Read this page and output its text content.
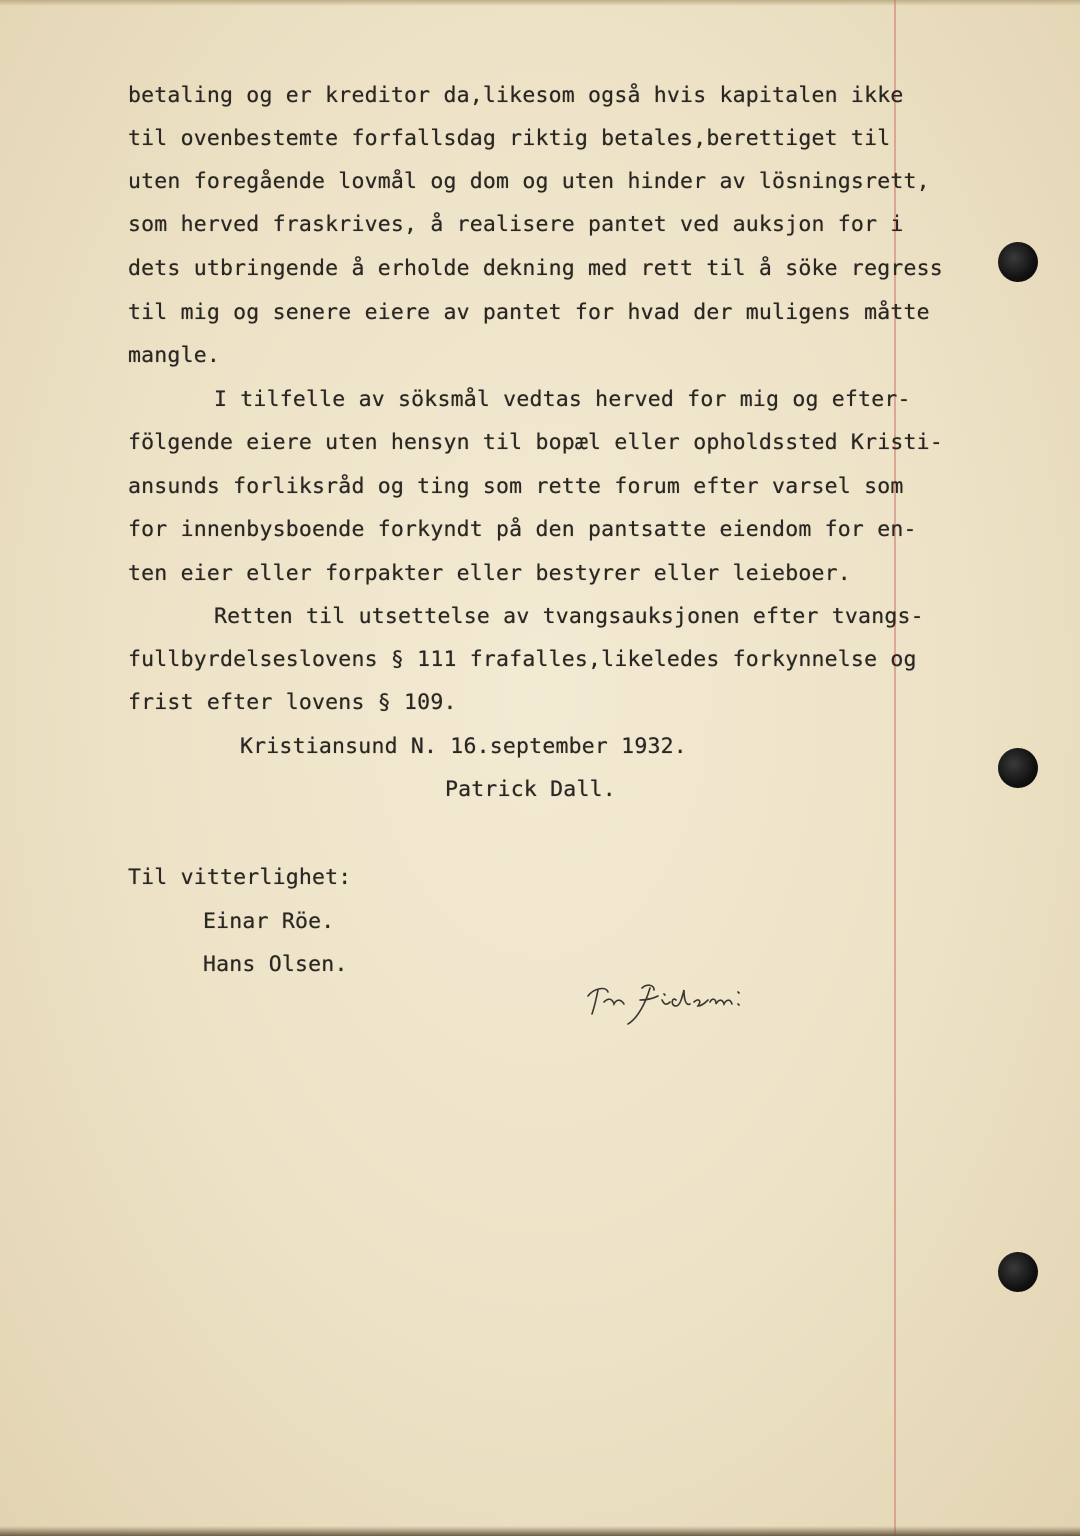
betaling og er kreditor da,likesom også hvis kapitalen ikke
til ovenbestemte forfallsdag riktig betales,berettiget til
uten foregående lovmål og dom og uten hinder av lösningsrett,
som herved fraskrives, å realisere pantet ved auksjon for i
dets utbringende å erholde dekning med rett til å söke regress
til mig og senere eiere av pantet for hvad der muligens måtte
mangle.
I tilfelle av söksmål vedtas herved for mig og efter-
fölgende eiere uten hensyn til bopæl eller opholdssted Kristi-
ansunds forliksråd og ting som rette forum efter varsel som
for innenbysboende forkyndt på den pantsatte eiendom for en-
ten eier eller forpakter eller bestyrer eller leieboer.
Retten til utsettelse av tvangsauksjonen efter tvangs-
fullbyrdelseslovens § 111 frafalles,likeledes forkynnelse og
frist efter lovens § 109.
Kristiansund N. 16.september 1932.
Patrick Dall.
Til vitterlighet:
Einar Röe.
Hans Olsen.
